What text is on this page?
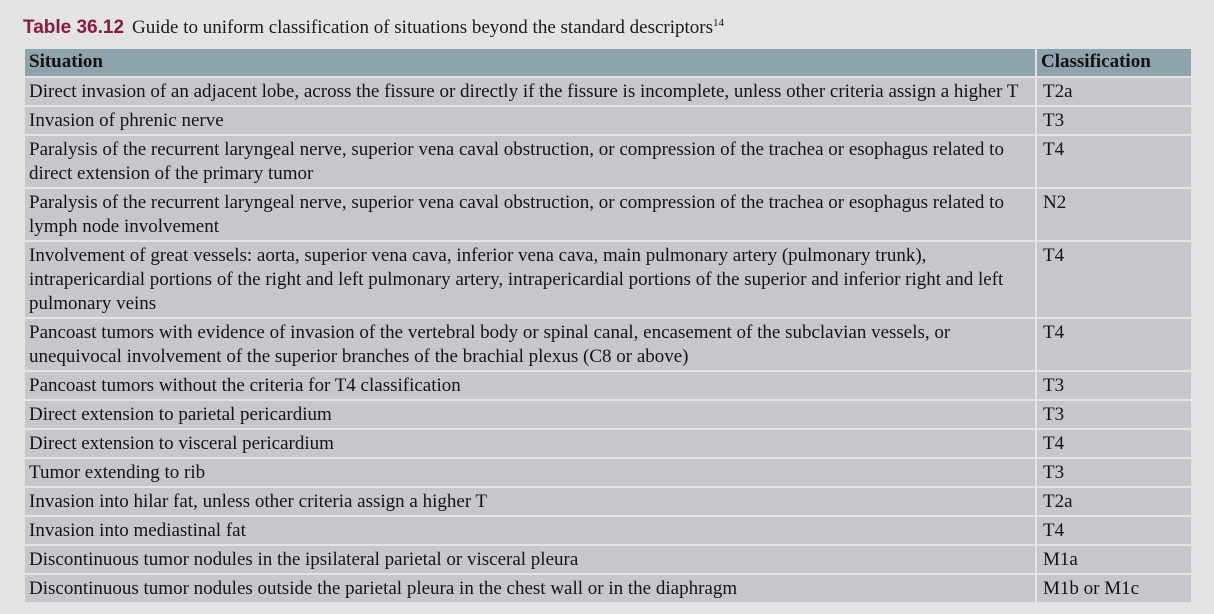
Table 36.12 Guide to uniform classification of situations beyond the standard descriptors$^{14}$
Situation	Classification
Direct invasion of an adjacent lobe, across the fissure or directly if the fissure is incomplete, unless other criteria assign a higher T	T2a
Invasion of phrenic nerve	T3
Paralysis of the recurrent laryngeal nerve, superior vena caval obstruction, or compression of the trachea or esophagus related to direct extension of the primary tumor	T4
Paralysis of the recurrent laryngeal nerve, superior vena caval obstruction, or compression of the trachea or esophagus related to lymph node involvement	N2
Involvement of great vessels: aorta, superior vena cava, inferior vena cava, main pulmonary artery (pulmonary trunk), intrapericardial portions of the right and left pulmonary artery, intrapericardial portions of the superior and inferior right and left pulmonary veins	T4
Pancoast tumors with evidence of invasion of the vertebral body or spinal canal, encasement of the subclavian vessels, or unequivocal involvement of the superior branches of the brachial plexus (C8 or above)	T4
Pancoast tumors without the criteria for T4 classification	T3
Direct extension to parietal pericardium	T3
Direct extension to visceral pericardium	T4
Tumor extending to rib	T3
Invasion into hilar fat, unless other criteria assign a higher T	T2a
Invasion into mediastinal fat	T4
Discontinuous tumor nodules in the ipsilateral parietal or visceral pleura	M1a
Discontinuous tumor nodules outside the parietal pleura in the chest wall or in the diaphragm	M1b or M1c
